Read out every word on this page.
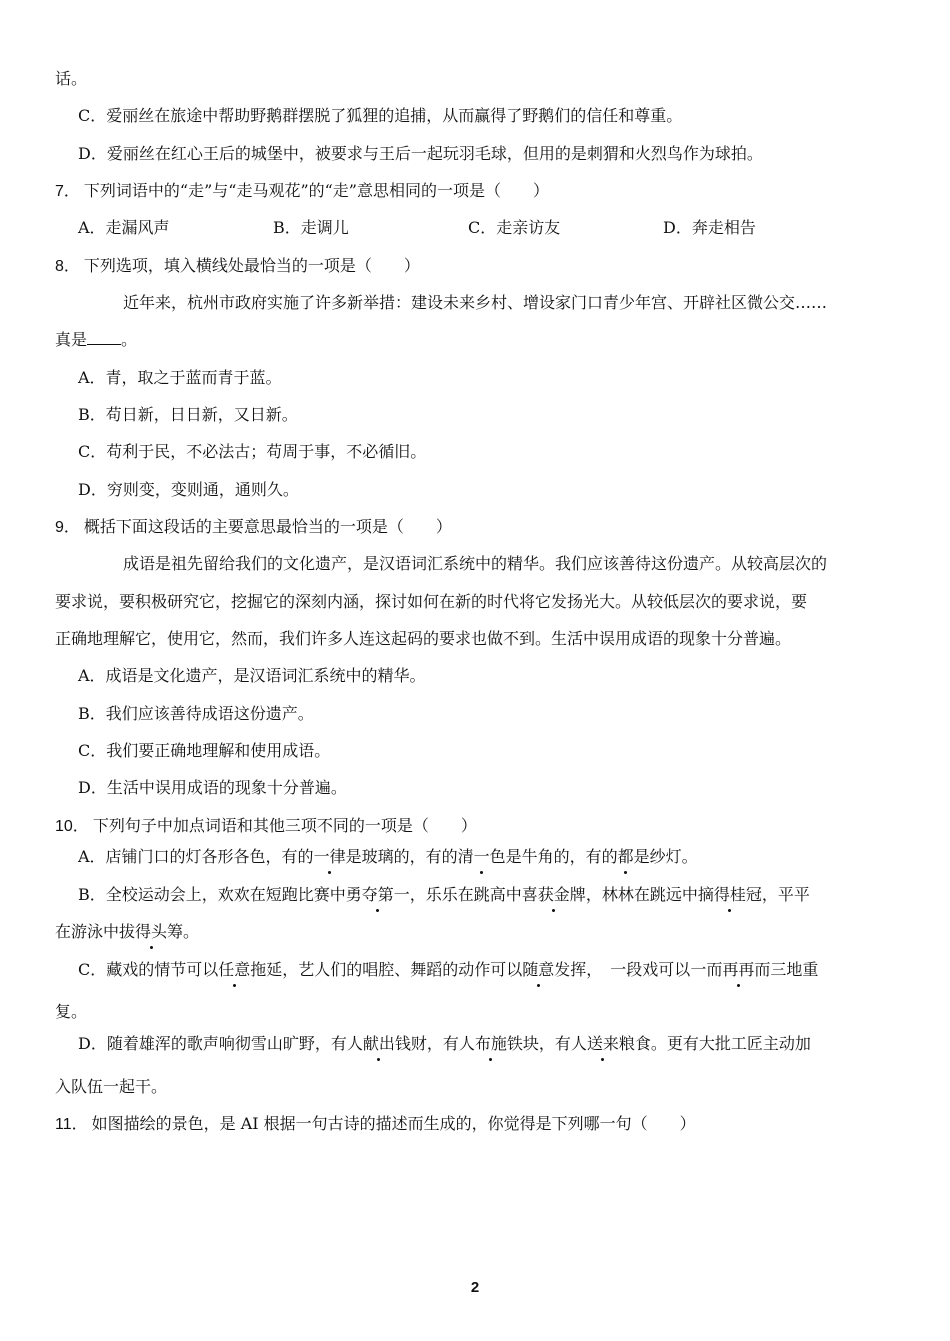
话。
C．爱丽丝在旅途中帮助野鹅群摆脱了狐狸的追捕，从而赢得了野鹅们的信任和尊重。
D．爱丽丝在红心王后的城堡中，被要求与王后一起玩羽毛球，但用的是刺猬和火烈鸟作为球拍。
7． 下列词语中的“走”与“走马观花”的“走”意思相同的一项是（　　）
A．走漏风声	B．走调儿	C．走亲访友	D．奔走相告
8． 下列选项，填入横线处最恰当的一项是（　　）
近年来，杭州市政府实施了许多新举措：建设未来乡村、增设家门口青少年宫、开辟社区微公交……
真是 。
A．青，取之于蓝而青于蓝。
B．苟日新，日日新，又日新。
C．苟利于民，不必法古；苟周于事，不必循旧。
D．穷则变，变则通，通则久。
9． 概括下面这段话的主要意思最恰当的一项是（　　）
成语是祖先留给我们的文化遗产，是汉语词汇系统中的精华。我们应该善待这份遗产。从较高层次的
要求说，要积极研究它，挖掘它的深刻内涵，探讨如何在新的时代将它发扬光大。从较低层次的要求说，要
正确地理解它，使用它，然而，我们许多人连这起码的要求也做不到。生活中误用成语的现象十分普遍。
A．成语是文化遗产，是汉语词汇系统中的精华。
B．我们应该善待成语这份遗产。
C．我们要正确地理解和使用成语。
D．生活中误用成语的现象十分普遍。
10． 下列句子中加点词语和其他三项不同的一项是（　　）
A．店铺门口的灯各形各色，有的一律是玻璃的，有的清一色是牛角的，有的都是纱灯。
B．全校运动会上，欢欢在短跑比赛中勇夺第一，乐乐在跳高中喜获金牌，林林在跳远中摘得桂冠，平平
在游泳中拔得头筹。
C．藏戏的情节可以任意拖延，艺人们的唱腔、舞蹈的动作可以随意发挥，　一段戏可以一而再再而三地重
复。
D．随着雄浑的歌声响彻雪山旷野，有人献出钱财，有人布施铁块，有人送来粮食。更有大批工匠主动加
入队伍一起干。
11． 如图描绘的景色，是 AI 根据一句古诗的描述而生成的，你觉得是下列哪一句（　　）
2
